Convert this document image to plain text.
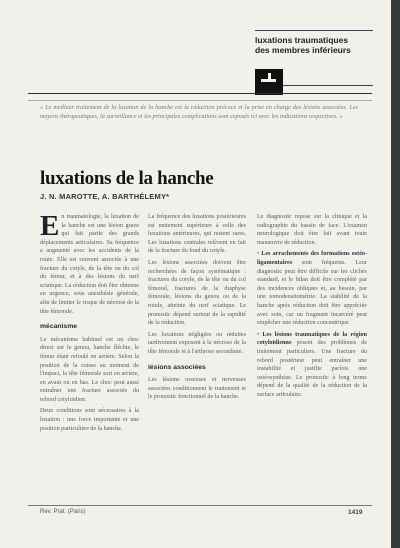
luxations traumatiques
des membres inférieurs
« Le meilleur traitement de la luxation de la hanche est la réduction précoce et la prise en charge des lésions associées. Les moyens thérapeutiques, la surveillance et les principales complications sont exposés ici avec les indications respectives. »
luxations de la hanche
J. N. MAROTTE, A. BARTHÉLEMY*

En traumatologie, la luxation de la hanche est une lésion grave qui fait partie des grands déplacements articulaires. Sa fréquence a augmenté avec les accidents de la route. Elle est souvent associée à une fracture du cotyle, de la tête ou du col du fémur, et à des lésions du nerf sciatique. La réduction doit être obtenue en urgence, sous anesthésie générale, afin de limiter le risque de nécrose de la tête fémorale.

mécanisme

Le mécanisme habituel est un choc direct sur le genou, hanche fléchie, le fémur étant refoulé en arrière. Selon la position de la cuisse au moment de l'impact, la tête fémorale sort en arrière, en avant ou en bas. Le choc peut aussi entraîner une fracture associée du rebord cotyloïdien.

Deux conditions sont nécessaires à la luxation : une force importante et une position particulière de la hanche.

La fréquence des luxations postérieures est nettement supérieure à celle des luxations antérieures, qui restent rares. Les luxations centrales relèvent en fait de la fracture du fond du cotyle.

Les lésions associées doivent être recherchées de façon systématique : fractures du cotyle, de la tête ou du col fémoral, fractures de la diaphyse fémorale, lésions du genou ou de la rotule, atteinte du nerf sciatique. Le pronostic dépend surtout de la rapidité de la réduction.

Les luxations négligées ou réduites tardivement exposent à la nécrose de la tête fémorale et à l'arthrose secondaire.

lésions associées

Les lésions osseuses et nerveuses associées conditionnent le traitement et le pronostic fonctionnel de la hanche.

Le diagnostic repose sur la clinique et la radiographie du bassin de face. L'examen neurologique doit être fait avant toute manœuvre de réduction.

• Les arrachements des formations ostéo-ligamentaires sont fréquents. Leur diagnostic peut être difficile sur les clichés standard, et le bilan doit être complété par des incidences obliques et, au besoin, par une tomodensitométrie. La stabilité de la hanche après réduction doit être appréciée avec soin, car un fragment incarcéré peut empêcher une réduction concentrique.

• Les lésions traumatiques de la région cotyloïdienne posent des problèmes de traitement particuliers. Une fracture du rebord postérieur peut entraîner une instabilité et justifie parfois une ostéosynthèse. Le pronostic à long terme dépend de la qualité de la réduction de la surface articulaire.

Rev. Prat. (Paris)	1419
